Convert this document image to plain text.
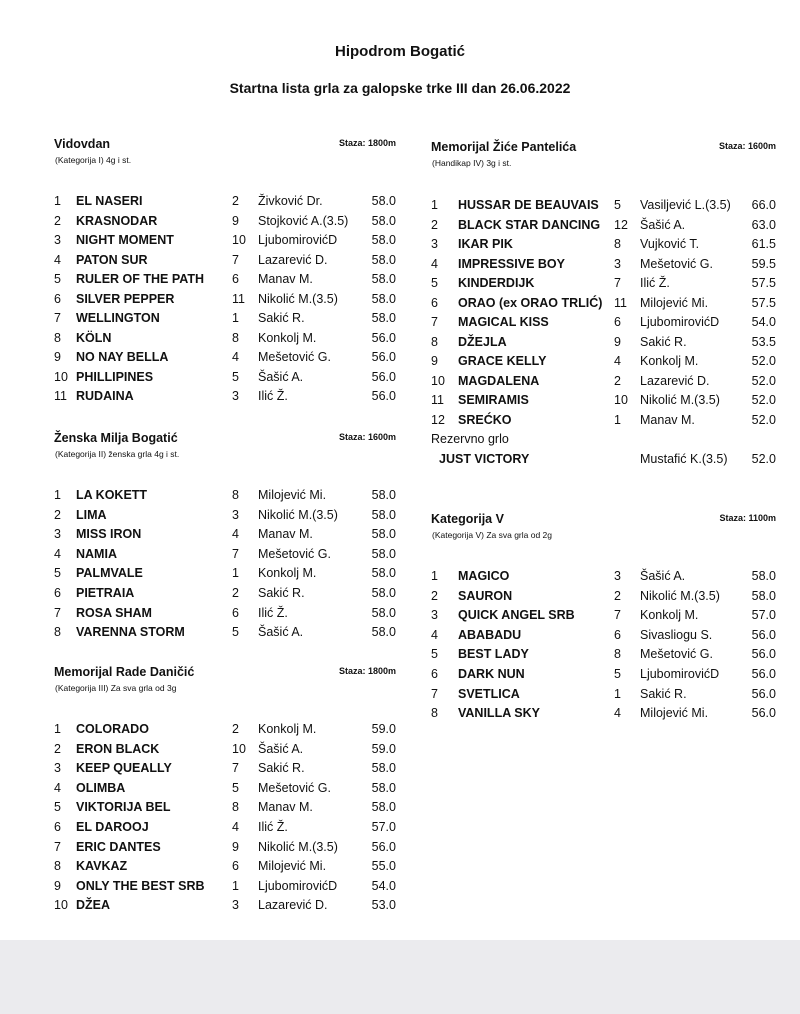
Hipodrom Bogatić
Startna lista grla za galopske trke III dan 26.06.2022
Vidovdan	Staza: 1800m
(Kategorija I) 4g i st.
1 EL NASERI	2 Živković Dr.	58.0
2 KRASNODAR	9 Stojković A.(3.5) 58.0
3 NIGHT MOMENT	10 LjubomirovićD	58.0
4 PATON SUR	7 Lazarević D.	58.0
5 RULER OF THE PATH 6 Manav M.	58.0
6 SILVER PEPPER	11 Nikolić M.(3.5)	58.0
7 WELLINGTON	1 Sakić R.	58.0
8 KÖLN	8 Konkolj M.	56.0
9 NO NAY BELLA	4 Mešetović G.	56.0
10 PHILLIPINES	5 Šašić A.	56.0
11 RUDAINA	3 Ilić Ž.	56.0
Ženska Milja Bogatić	Staza: 1600m
(Kategorija II) ženska grla 4g i st.
1 LA KOKETT	8 Milojević Mi.	58.0
2 LIMA	3 Nikolić M.(3.5)	58.0
3 MISS IRON	4 Manav M.	58.0
4 NAMIA	7 Mešetović G.	58.0
5 PALMVALE	1 Konkolj M.	58.0
6 PIETRAIA	2 Sakić R.	58.0
7 ROSA SHAM	6 Ilić Ž.	58.0
8 VARENNA STORM	5 Šašić A.	58.0
Memorijal Rade Daničić	Staza: 1800m
(Kategorija III) Za sva grla od 3g
1 COLORADO	2 Konkolj M.	59.0
2 ERON BLACK	10 Šašić A.	59.0
3 KEEP QUEALLY	7 Sakić R.	58.0
4 OLIMBA	5 Mešetović G.	58.0
5 VIKTORIJA BEL	8 Manav M.	58.0
6 EL DAROOJ	4 Ilić Ž.	57.0
7 ERIC DANTES	9 Nikolić M.(3.5)	56.0
8 KAVKAZ	6 Milojević Mi.	55.0
9 ONLY THE BEST SRB 1 LjubomirovićD	54.0
10 DŽEA	3 Lazarević D.	53.0
Memorijal Žiće Pantelića	Staza: 1600m
(Handikap IV) 3g i st.
1 HUSSAR DE BEAUVAIS 5 Vasiljević L.(3.5) 66.0
2 BLACK STAR DANCING 12 Šašić A.	63.0
3 IKAR PIK	8 Vujković T.	61.5
4 IMPRESSIVE BOY	3 Mešetović G.	59.5
5 KINDERDIJK	7 Ilić Ž.	57.5
6 ORAO (ex ORAO TRLIĆ) 11 Milojević Mi.	57.5
7 MAGICAL KISS	6 LjubomirovićD	54.0
8 DŽEJLA	9 Sakić R.	53.5
9 GRACE KELLY	4 Konkolj M.	52.0
10 MAGDALENA	2 Lazarević D.	52.0
11 SEMIRAMIS	10 Nikolić M.(3.5)	52.0
12 SREĆKO	1 Manav M.	52.0
Rezervno grlo
JUST VICTORY	Mustafić K.(3.5) 52.0
Kategorija V	Staza: 1100m
(Kategorija V) Za sva grla od 2g
1 MAGICO	3 Šašić A.	58.0
2 SAURON	2 Nikolić M.(3.5)	58.0
3 QUICK ANGEL SRB	7 Konkolj M.	57.0
4 ABABADU	6 Sivasliogu S.	56.0
5 BEST LADY	8 Mešetović G.	56.0
6 DARK NUN	5 LjubomirovićD	56.0
7 SVETLICA	1 Sakić R.	56.0
8 VANILLA SKY	4 Milojević Mi.	56.0
